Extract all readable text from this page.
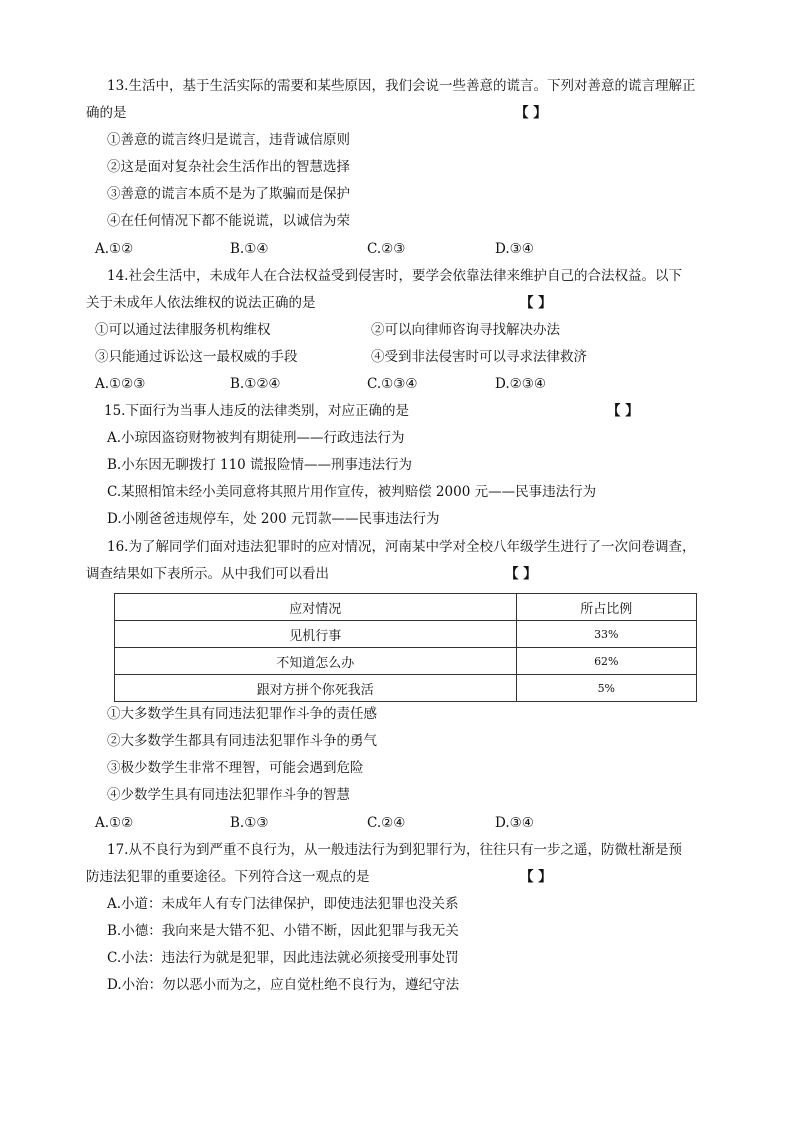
13.生活中，基于生活实际的需要和某些原因，我们会说一些善意的谎言。下列对善意的谎言理解正
确的是	【 】
①善意的谎言终归是谎言，违背诚信原则
②这是面对复杂社会生活作出的智慧选择
③善意的谎言本质不是为了欺骗而是保护
④在任何情况下都不能说谎，以诚信为荣
A.①②	B.①④	C.②③	D.③④
14.社会生活中，未成年人在合法权益受到侵害时，要学会依靠法律来维护自己的合法权益。以下
关于未成年人依法维权的说法正确的是	【 】
①可以通过法律服务机构维权	②可以向律师咨询寻找解决办法
③只能通过诉讼这一最权威的手段	④受到非法侵害时可以寻求法律救济
A.①②③	B.①②④	C.①③④	D.②③④
15.下面行为当事人违反的法律类别，对应正确的是	【 】
A.小琼因盗窃财物被判有期徒刑——行政违法行为
B.小东因无聊拨打 110 谎报险情——刑事违法行为
C.某照相馆未经小美同意将其照片用作宣传，被判赔偿 2000 元——民事违法行为
D.小刚爸爸违规停车，处 200 元罚款——民事违法行为
16.为了解同学们面对违法犯罪时的应对情况，河南某中学对全校八年级学生进行了一次问卷调查，
调查结果如下表所示。从中我们可以看出	【 】
应对情况	所占比例
见机行事	33%
不知道怎么办	62%
跟对方拼个你死我活	5%
①大多数学生具有同违法犯罪作斗争的责任感
②大多数学生都具有同违法犯罪作斗争的勇气
③极少数学生非常不理智，可能会遇到危险
④少数学生具有同违法犯罪作斗争的智慧
A.①②	B.①③	C.②④	D.③④
17.从不良行为到严重不良行为，从一般违法行为到犯罪行为，往往只有一步之遥，防微杜渐是预
防违法犯罪的重要途径。下列符合这一观点的是	【 】
A.小道：未成年人有专门法律保护，即使违法犯罪也没关系
B.小德：我向来是大错不犯、小错不断，因此犯罪与我无关
C.小法：违法行为就是犯罪，因此违法就必须接受刑事处罚
D.小治：勿以恶小而为之，应自觉杜绝不良行为，遵纪守法
